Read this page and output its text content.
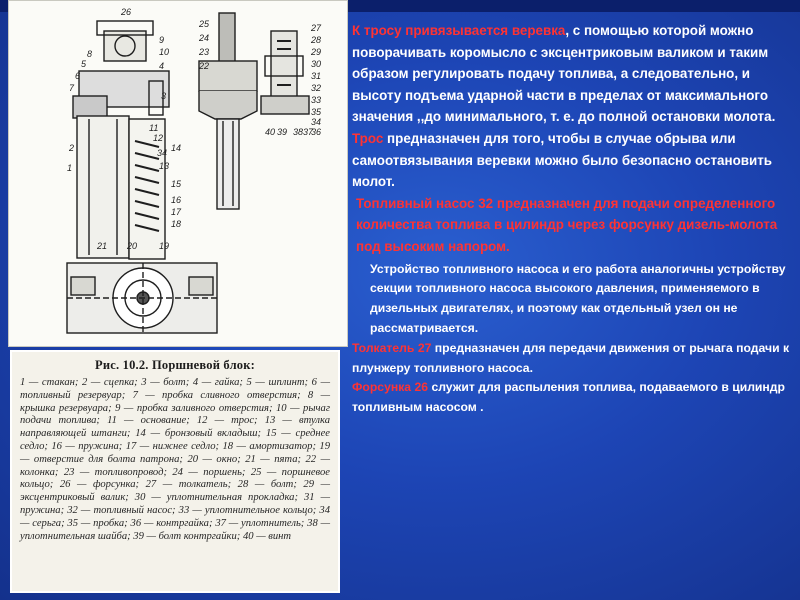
26
8
5
6
7
9
10
4
3
11
12
34
13
2
1
14
15
16
17
18
20
21	19
25
24
23
22
27
28
29
30
31
32
33
35
34
36
37
38
39
40
Рис. 10.2. Поршневой блок:
1 — стакан; 2 — сцепка; 3 — болт; 4 — гайка; 5 — шплинт; 6 — топливный резервуар; 7 — пробка сливного отверстия; 8 — крышка резервуара; 9 — пробка заливного отверстия; 10 — рычаг подачи топлива; 11 — основание; 12 — трос; 13 — втулка направляющей штанги; 14 — бронзовый вкладыш; 15 — среднее седло; 16 — пружина; 17 — нижнее седло; 18 — амортизатор; 19 — отверстие для болта патрона; 20 — окно; 21 — пята; 22 — колонка; 23 — топливопровод; 24 — поршень; 25 — поршневое кольцо; 26 — форсунка; 27 — толкатель; 28 — болт; 29 — эксцентриковый валик; 30 — уплотнительная прокладка; 31 — пружина; 32 — топливный насос; 33 — уплотнительное кольцо; 34 — серьга; 35 — пробка; 36 — контргайка; 37 — уплотнитель; 38 — уплотнительная шайба; 39 — болт контргайки; 40 — винт

К тросу привязывается веревка, с помощью которой можно поворачивать коромысло с эксцентриковым валиком и таким образом регулировать подачу топлива, а следовательно, и высоту подъема ударной части в пределах от максимального значения ,,до минимального, т. е. до полной остановки молота. Трос предназначен для того, чтобы в случае обрыва или самоотвязывания веревки можно было безопасно остановить молот.

Топливный насос 32 предназначен для подачи определенного количества топлива в цилиндр через форсунку дизель-молота под высоким напором.

Устройство топливного насоса и его работа аналогичны устройству секции топливного насоса высокого давления, применяемого в дизельных двигателях, и поэтому как отдельный узел он не рассматривается.

Толкатель 27 предназначен для передачи движения от рычага подачи к плунжеру топливного насоса.

Форсунка 26 служит для распыления топлива, подаваемого в цилиндр топливным насосом .
